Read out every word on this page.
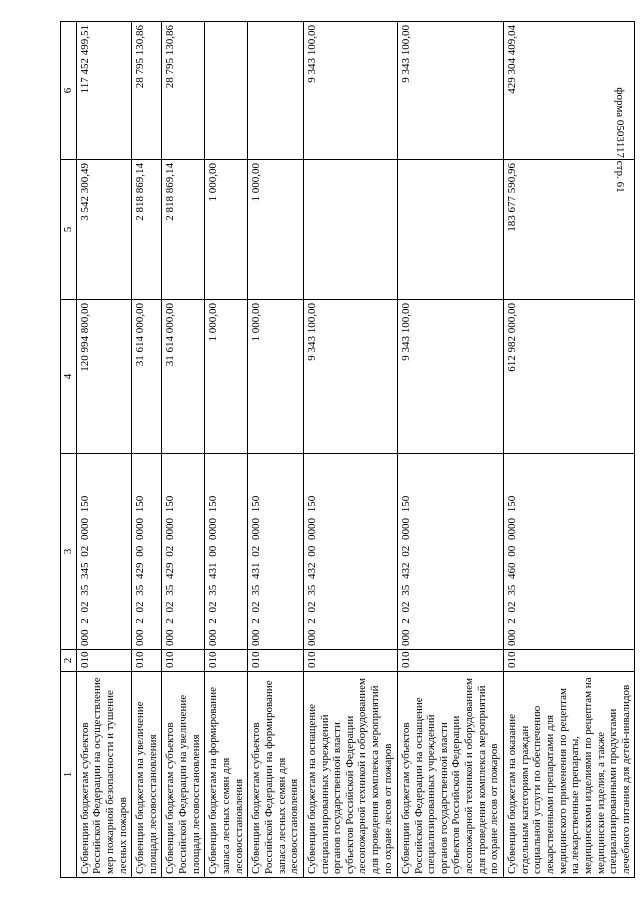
форма 0503117 стр. 61
1	2	3	4	5	6
Субвенции бюджетам субъектов Российской Федерации на осуществление мер пожарной безопасности и тушение лесных пожаров	010	000 2 02 35 345 02 0000 150	120 994 800,00	3 542 300,49	117 452 499,51
Субвенции бюджетам на увеличение площади лесовосстановления	010	000 2 02 35 429 00 0000 150	31 614 000,00	2 818 869,14	28 795 130,86
Субвенции бюджетам субъектов Российской Федерации на увеличение площади лесовосстановления	010	000 2 02 35 429 02 0000 150	31 614 000,00	2 818 869,14	28 795 130,86
Субвенции бюджетам на формирование запаса лесных семян для лесовосстановления	010	000 2 02 35 431 00 0000 150	1 000,00	1 000,00	
Субвенции бюджетам субъектов Российской Федерации на формирование запаса лесных семян для лесовосстановления	010	000 2 02 35 431 02 0000 150	1 000,00	1 000,00	
Субвенции бюджетам на оснащение специализированных учреждений органов государственной власти субъектов Российской Федерации лесопожарной техникой и оборудованием для проведения комплекса мероприятий по охране лесов от пожаров	010	000 2 02 35 432 00 0000 150	9 343 100,00		9 343 100,00
Субвенции бюджетам субъектов Российской Федерации на оснащение специализированных учреждений органов государственной власти субъектов Российской Федерации лесопожарной техникой и оборудованием для проведения комплекса мероприятий по охране лесов от пожаров	010	000 2 02 35 432 02 0000 150	9 343 100,00		9 343 100,00
Субвенции бюджетам на оказание отдельным категориям граждан социальной услуги по обеспечению лекарственными препаратами для медицинского применения по рецептам на лекарственные препараты, медицинскими изделиями по рецептам на медицинские изделия, а также специализированными продуктами лечебного питания для детей-инвалидов	010	000 2 02 35 460 00 0000 150	612 982 000,00	183 677 590,96	429 304 409,04
